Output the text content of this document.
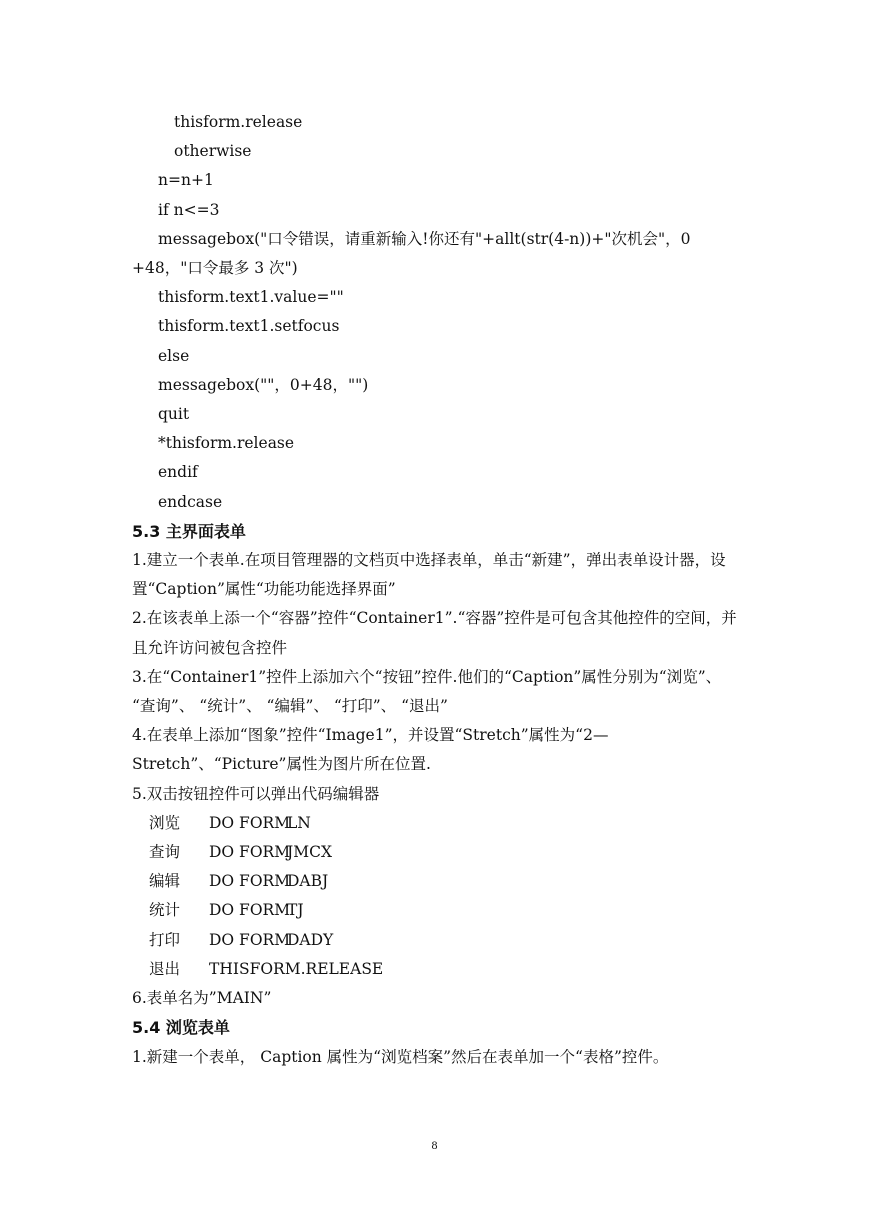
thisform.release

otherwise

n=n+1

if n<=3

messagebox("口令错误，请重新输入!你还有"+allt(str(4-n))+"次机会"，0

+48，"口令最多 3 次")

thisform.text1.value=""

thisform.text1.setfocus

else

messagebox(""，0+48，"")

quit

*thisform.release

endif

endcase

5.3 主界面表单

1.建立一个表单.在项目管理器的文档页中选择表单，单击“新建”，弹出表单设计器，设置“Caption”属性“功能功能选择界面”

2.在该表单上添一个“容器”控件“Container1”.“容器”控件是可包含其他控件的空间，并且允许访问被包含控件

3.在“Container1”控件上添加六个“按钮”控件.他们的“Caption”属性分别为“浏览”、 “查询”、 “统计”、 “编辑”、 “打印”、 “退出”

4.在表单上添加“图象”控件“Image1”，并设置“Stretch”属性为“2—Stretch”、“Picture”属性为图片所在位置.

5.双击按钮控件可以弹出代码编辑器

浏览 DO FORMLN

查询 DO FORMJMCX

编辑 DO FORMDABJ

统计 DO FORMTJ

打印 DO FORMDADY

退出 THISFORM.RELEASE

6.表单名为”MAIN”

5.4 浏览表单

1.新建一个表单， Caption 属性为“浏览档案”然后在表单加一个“表格”控件。

8
